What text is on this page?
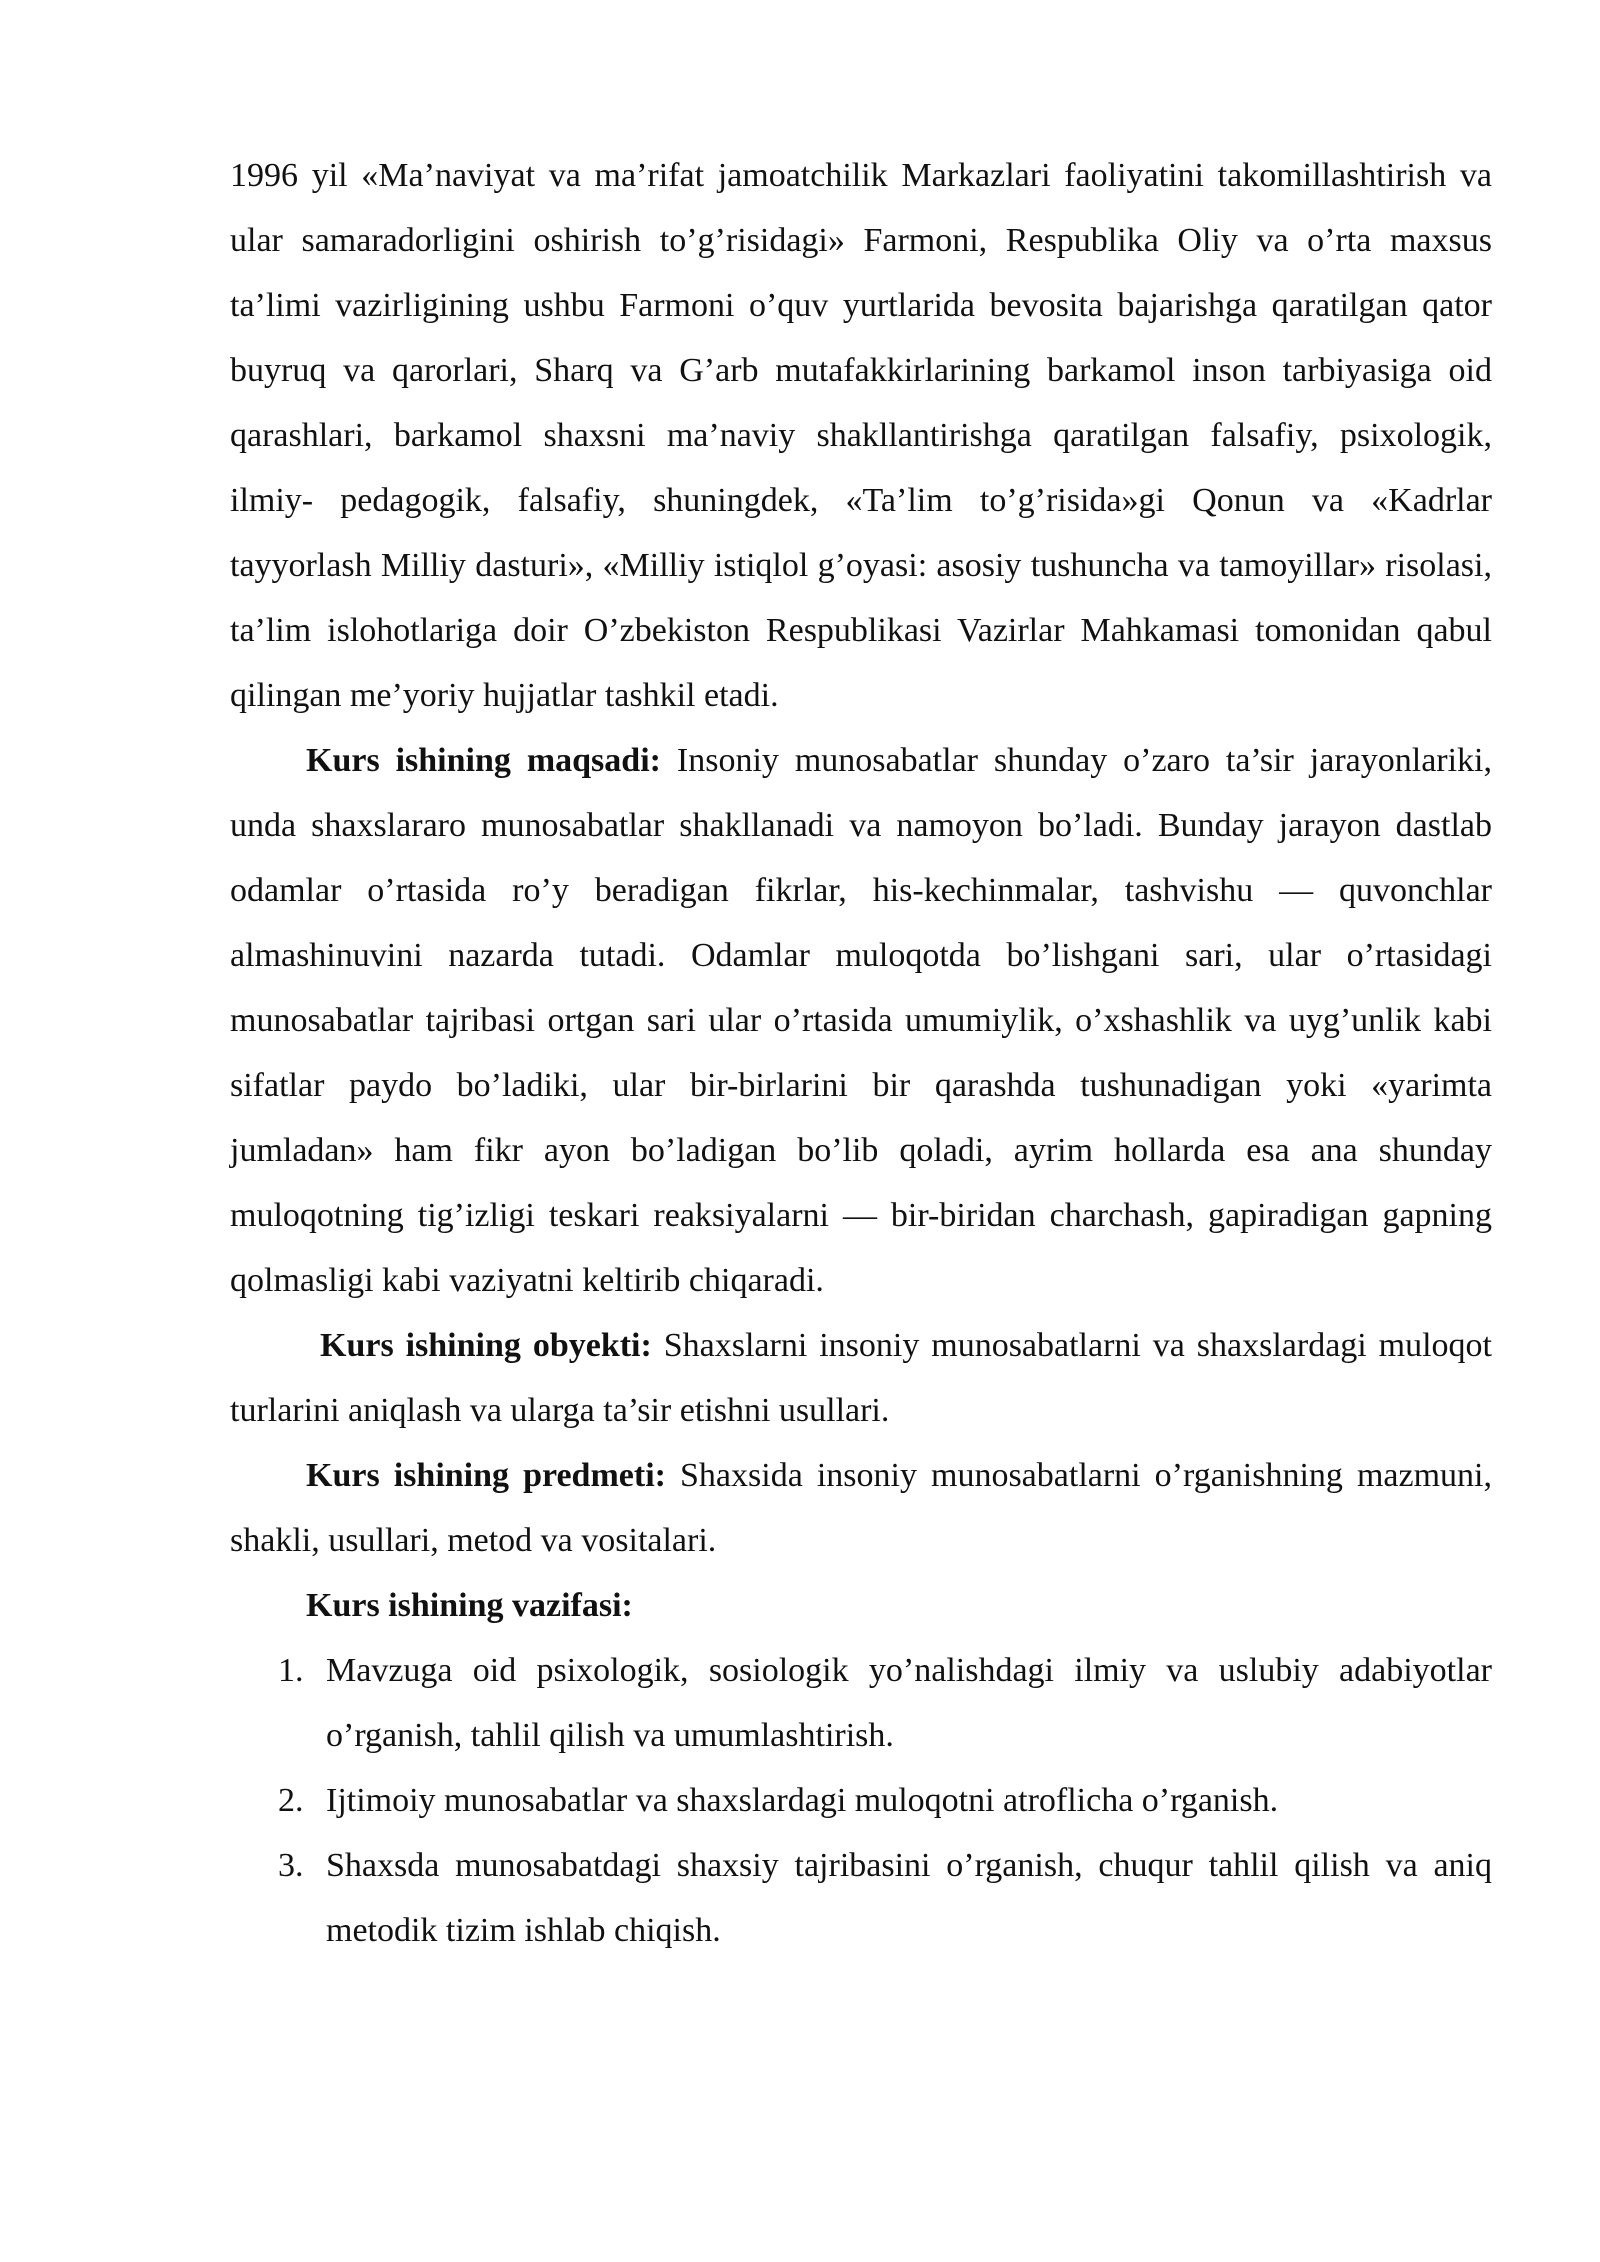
1996 yil «Ma’naviyat va ma’rifat jamoatchilik Markazlari faoliyatini takomillashtirish va ular samaradorligini oshirish to’g’risidagi» Farmoni, Respublika Oliy va o’rta maxsus ta’limi vazirligining ushbu Farmoni o’quv yurtlarida bevosita bajarishga qaratilgan qator buyruq va qarorlari, Sharq va G’arb mutafakkirlarining barkamol inson tarbiyasiga oid qarashlari, barkamol shaxsni ma’naviy shakllantirishga qaratilgan falsafiy, psixologik, ilmiy- pedagogik, falsafiy, shuningdek, «Ta’lim to’g’risida»gi Qonun va «Kadrlar tayyorlash Milliy dasturi», «Milliy istiqlol g’oyasi: asosiy tushuncha va tamoyillar» risolasi, ta’lim islohotlariga doir O’zbekiston Respublikasi Vazirlar Mahkamasi tomonidan qabul qilingan me’yoriy hujjatlar tashkil etadi.

Kurs ishining maqsadi: Insoniy munosabatlar shunday o’zaro ta’sir jarayonlariki, unda shaxslararo munosabatlar shakllanadi va namoyon bo’ladi. Bunday jarayon dastlab odamlar o’rtasida ro’y beradigan fikrlar, his-kechinmalar, tashvishu — quvonchlar almashinuvini nazarda tutadi. Odamlar muloqotda bo’lishgani sari, ular o’rtasidagi munosabatlar tajribasi ortgan sari ular o’rtasida umumiylik, o’xshashlik va uyg’unlik kabi sifatlar paydo bo’ladiki, ular bir-birlarini bir qarashda tushunadigan yoki «yarimta jumladan» ham fikr ayon bo’ladigan bo’lib qoladi, ayrim hollarda esa ana shunday muloqotning tig’izligi teskari reaksiyalarni — bir-biridan charchash, gapiradigan gapning qolmasligi kabi vaziyatni keltirib chiqaradi.

Kurs ishining obyekti: Shaxslarni insoniy munosabatlarni va shaxslardagi muloqot turlarini aniqlash va ularga ta’sir etishni usullari.

Kurs ishining predmeti: Shaxsida insoniy munosabatlarni o’rganishning mazmuni, shakli, usullari, metod va vositalari.

Kurs ishining vazifasi:

1. Mavzuga oid psixologik, sosiologik yo’nalishdagi ilmiy va uslubiy adabiyotlar o’rganish, tahlil qilish va umumlashtirish.
2. Ijtimoiy munosabatlar va shaxslardagi muloqotni atroflicha o’rganish.
3. Shaxsda munosabatdagi shaxsiy tajribasini o’rganish, chuqur tahlil qilish va aniq metodik tizim ishlab chiqish.
